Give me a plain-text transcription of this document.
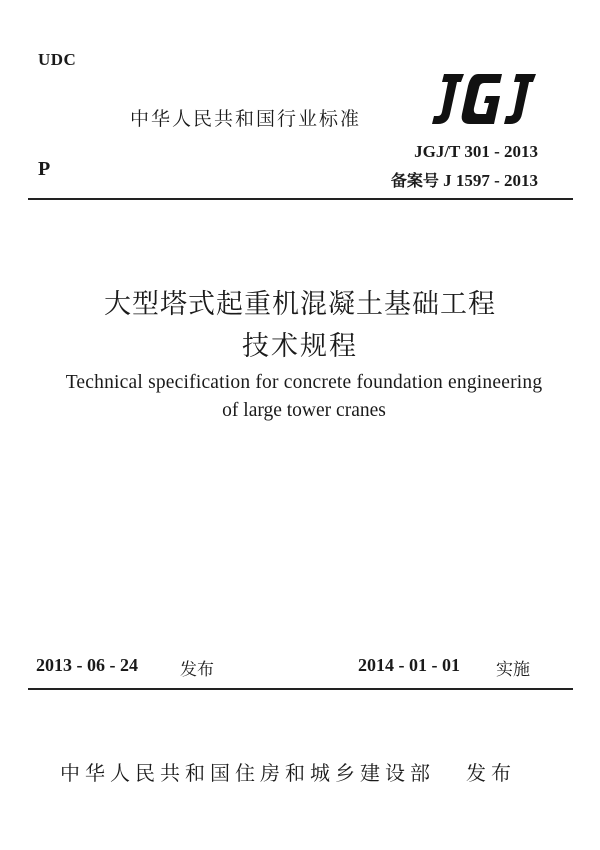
UDC
中华人民共和国行业标准
P
JGJ/T 301 - 2013
备案号 J 1597 - 2013
大型塔式起重机混凝土基础工程
技术规程
Technical specification for concrete foundation engineering
of large tower cranes
2013 - 06 - 24 发布	2014 - 01 - 01 实施
中华人民共和国住房和城乡建设部 发布
